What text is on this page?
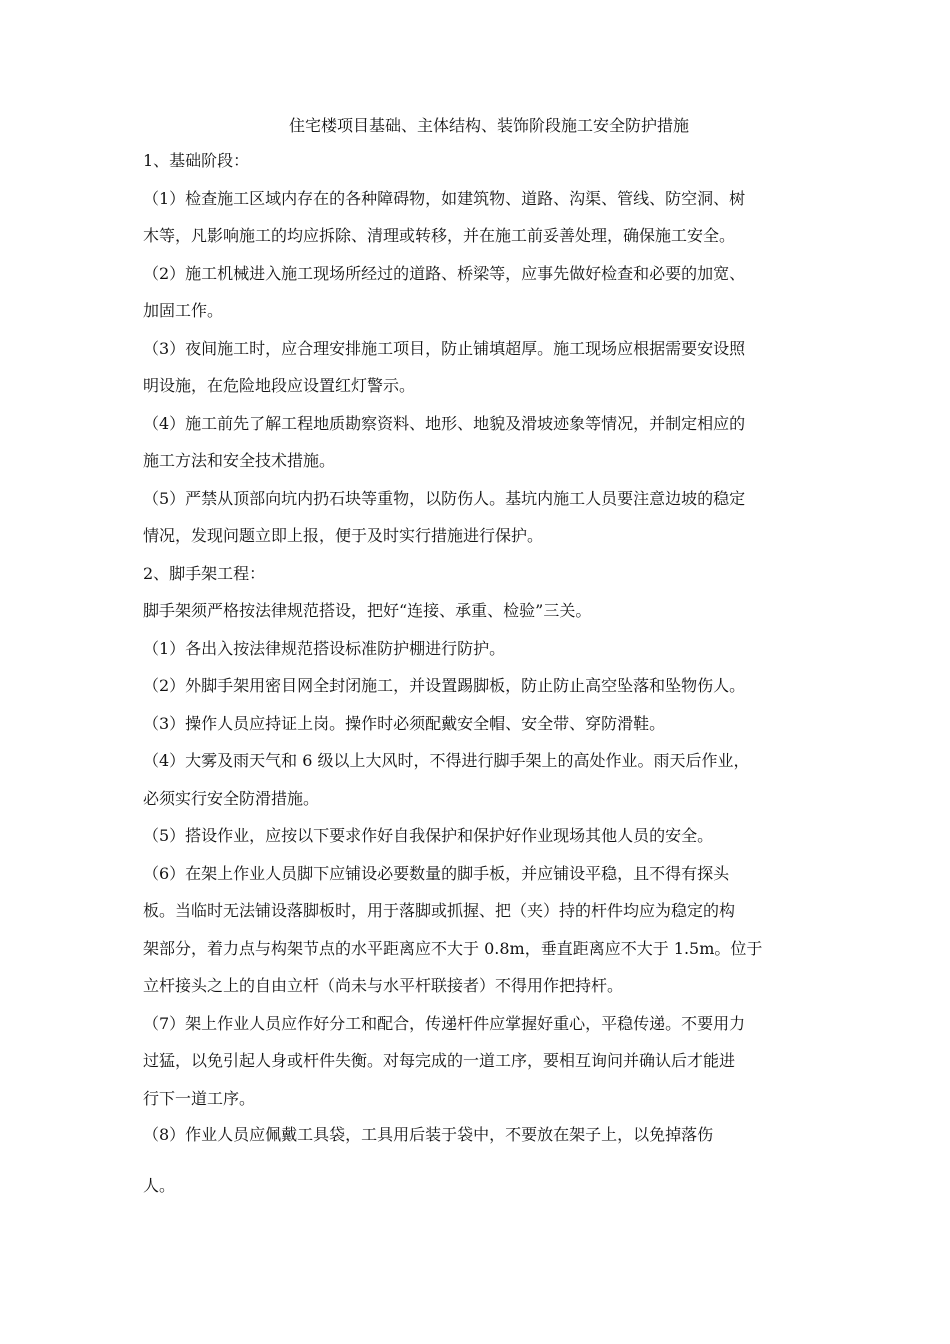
住宅楼项目基础、主体结构、装饰阶段施工安全防护措施

1、基础阶段：

（1）检查施工区域内存在的各种障碍物，如建筑物、道路、沟渠、管线、防空洞、树
木等，凡影响施工的均应拆除、清理或转移，并在施工前妥善处理，确保施工安全。
（2）施工机械进入施工现场所经过的道路、桥梁等，应事先做好检查和必要的加宽、
加固工作。
（3）夜间施工时，应合理安排施工项目，防止铺填超厚。施工现场应根据需要安设照
明设施，在危险地段应设置红灯警示。
（4）施工前先了解工程地质勘察资料、地形、地貌及滑坡迹象等情况，并制定相应的
施工方法和安全技术措施。
（5）严禁从顶部向坑内扔石块等重物，以防伤人。基坑内施工人员要注意边坡的稳定
情况，发现问题立即上报，便于及时实行措施进行保护。

2、脚手架工程：

脚手架须严格按法律规范搭设，把好“连接、承重、检验”三关。

（1）各出入按法律规范搭设标准防护棚进行防护。
（2）外脚手架用密目网全封闭施工，并设置踢脚板，防止防止高空坠落和坠物伤人。
（3）操作人员应持证上岗。操作时必须配戴安全帽、安全带、穿防滑鞋。
（4）大雾及雨天气和 6 级以上大风时，不得进行脚手架上的高处作业。雨天后作业，
必须实行安全防滑措施。
（5）搭设作业，应按以下要求作好自我保护和保护好作业现场其他人员的安全。
（6）在架上作业人员脚下应铺设必要数量的脚手板，并应铺设平稳，且不得有探头
板。当临时无法铺设落脚板时，用于落脚或抓握、把（夹）持的杆件均应为稳定的构
架部分，着力点与构架节点的水平距离应不大于 0.8m，垂直距离应不大于 1.5m。位于
立杆接头之上的自由立杆（尚未与水平杆联接者）不得用作把持杆。
（7）架上作业人员应作好分工和配合，传递杆件应掌握好重心，平稳传递。不要用力
过猛，以免引起人身或杆件失衡。对每完成的一道工序，要相互询问并确认后才能进
行下一道工序。
（8）作业人员应佩戴工具袋，工具用后装于袋中，不要放在架子上，以免掉落伤
人。
